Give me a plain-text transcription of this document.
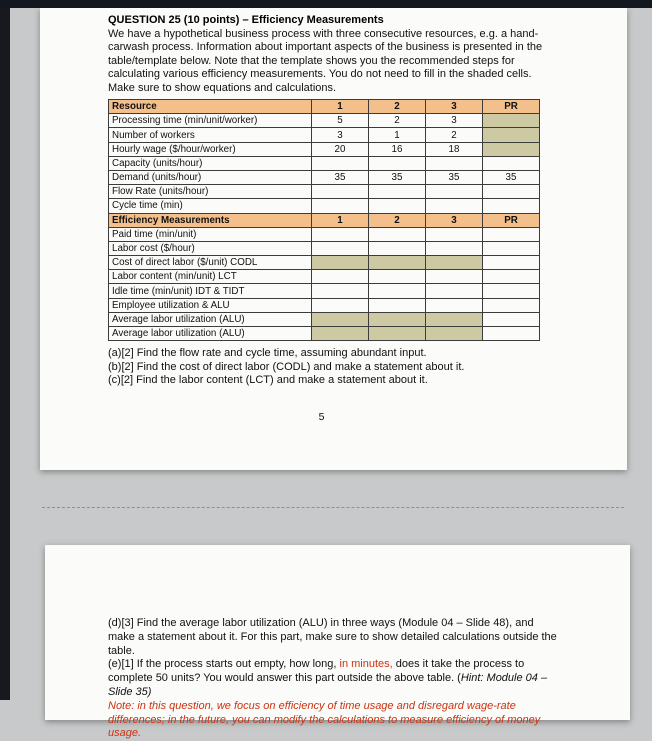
QUESTION 25 (10 points) – Efficiency Measurements

We have a hypothetical business process with three consecutive resources, e.g. a hand-carwash process. Information about important aspects of the business is presented in the table/template below. Note that the template shows you the recommended steps for calculating various efficiency measurements. You do not need to fill in the shaded cells. Make sure to show equations and calculations.

Resource	1	2	3	PR
Processing time (min/unit/worker)	5	2	3	
Number of workers	3	1	2	
Hourly wage ($/hour/worker)	20	16	18	
Capacity (units/hour)				
Demand (units/hour)	35	35	35	35
Flow Rate (units/hour)				
Cycle time (min)				
Efficiency Measurements	1	2	3	PR
Paid time (min/unit)				
Labor cost ($/hour)				
Cost of direct labor ($/unit) CODL				
Labor content (min/unit) LCT				
Idle time (min/unit) IDT & TIDT				
Employee utilization & ALU				
Average labor utilization (ALU)				
Average labor utilization (ALU)				
(a)[2] Find the flow rate and cycle time, assuming abundant input.
(b)[2] Find the cost of direct labor (CODL) and make a statement about it.
(c)[2] Find the labor content (LCT) and make a statement about it.
5

(d)[3] Find the average labor utilization (ALU) in three ways (Module 04 – Slide 48), and make a statement about it. For this part, make sure to show detailed calculations outside the table.

(e)[1] If the process starts out empty, how long, in minutes, does it take the process to complete 50 units? You would answer this part outside the above table. (Hint: Module 04 – Slide 35)

Note: in this question, we focus on efficiency of time usage and disregard wage-rate differences; in the future, you can modify the calculations to measure efficiency of money usage.
